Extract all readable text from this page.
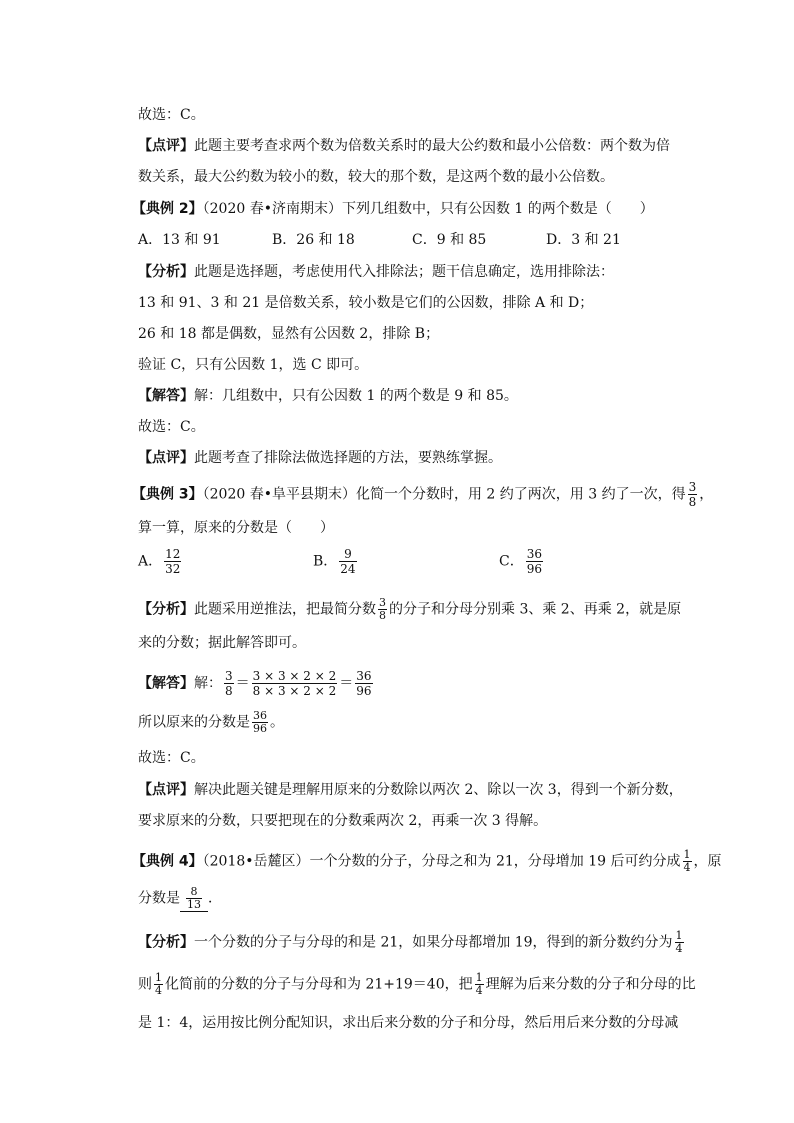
故选：C。
【点评】此题主要考查求两个数为倍数关系时的最大公约数和最小公倍数：两个数为倍
数关系，最大公约数为较小的数，较大的那个数，是这两个数的最小公倍数。
【典例 2】（2020 春•济南期末）下列几组数中，只有公因数 1 的两个数是（　　）
A．13 和 91	B．26 和 18	C．9 和 85	D．3 和 21
【分析】此题是选择题，考虑使用代入排除法；题干信息确定，选用排除法：
13 和 91、3 和 21 是倍数关系，较小数是它们的公因数，排除 A 和 D；
26 和 18 都是偶数，显然有公因数 2，排除 B；
验证 C，只有公因数 1，选 C 即可。
【解答】解：几组数中，只有公因数 1 的两个数是 9 和 85。
故选：C。
【点评】此题考查了排除法做选择题的方法，要熟练掌握。
【典例 3】（2020 春•阜平县期末）化简一个分数时，用 2 约了两次，用 3 约了一次，得 $\frac{3}{8}$ ，
算一算，原来的分数是（　　）
A． $\frac{12}{32}$	B． $\frac{9}{24}$	C． $\frac{36}{96}$
【分析】此题采用逆推法，把最简分数 $\frac{3}{8}$ 的分子和分母分别乘 3、乘 2、再乘 2，就是原
来的分数；据此解答即可。
【解答】解： $\frac{3}{8} = \frac{3 \times 3 \times 2 \times 2}{8 \times 3 \times 2 \times 2} = \frac{36}{96}$
所以原来的分数是 $\frac{36}{96}$ 。
故选：C。
【点评】解决此题关键是理解用原来的分数除以两次 2、除以一次 3，得到一个新分数，
要求原来的分数，只要把现在的分数乘两次 2，再乘一次 3 得解。
【典例 4】（2018•岳麓区）一个分数的分子，分母之和为 21，分母增加 19 后可约分成 $\frac{1}{4}$ ，原
分数是 $\frac{8}{13}$ ．
【分析】一个分数的分子与分母的和是 21，如果分母都增加 19，得到的新分数约分为 $\frac{1}{4}$
则 $\frac{1}{4}$ 化简前的分数的分子与分母和为 21+19＝40，把 $\frac{1}{4}$ 理解为后来分数的分子和分母的比
是 1：4，运用按比例分配知识，求出后来分数的分子和分母，然后用后来分数的分母减
